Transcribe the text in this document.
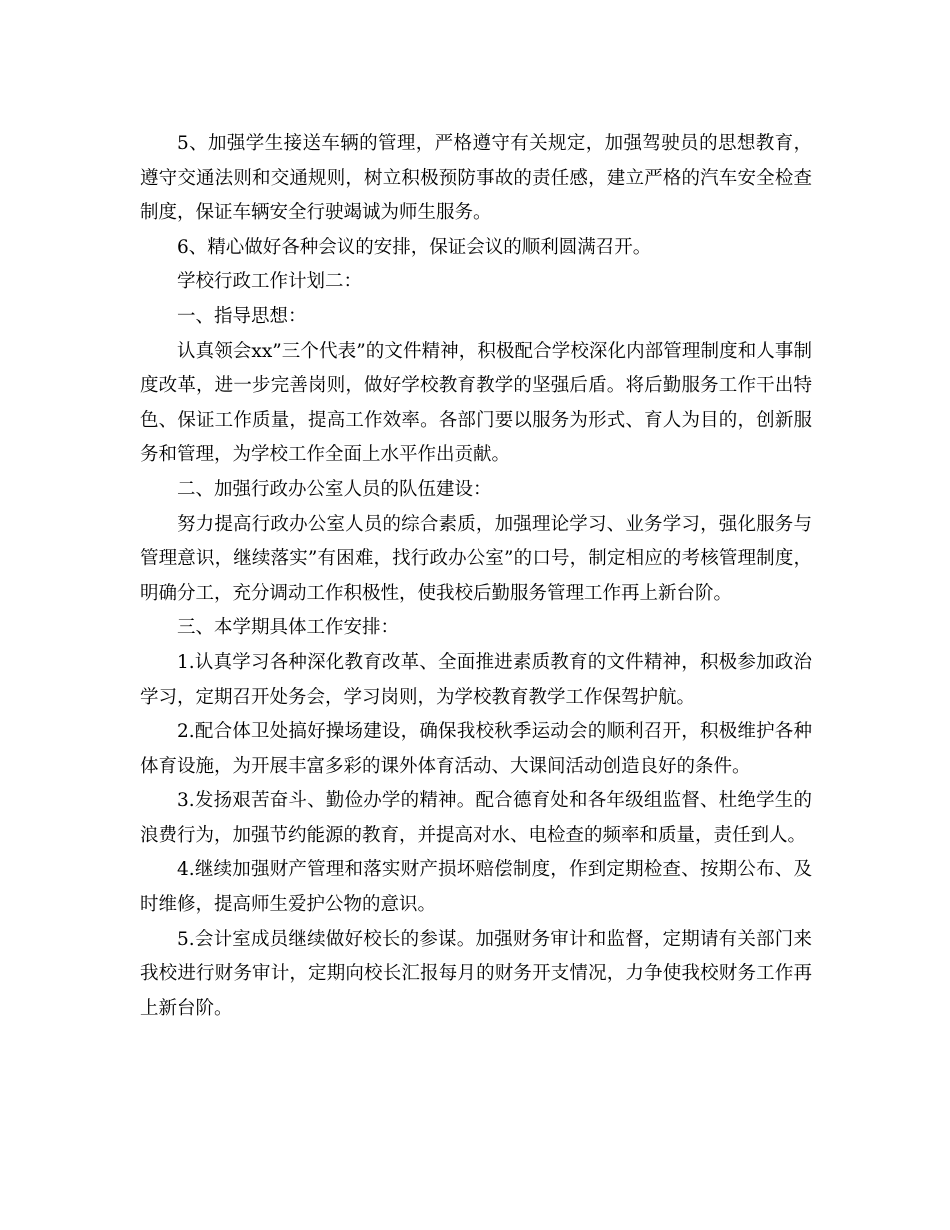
5、加强学生接送车辆的管理，严格遵守有关规定，加强驾驶员的思想教育，遵守交通法则和交通规则，树立积极预防事故的责任感，建立严格的汽车安全检查制度，保证车辆安全行驶竭诚为师生服务。

6、精心做好各种会议的安排，保证会议的顺利圆满召开。

学校行政工作计划二：

一、指导思想：

认真领会xx”三个代表”的文件精神，积极配合学校深化内部管理制度和人事制度改革，进一步完善岗则，做好学校教育教学的坚强后盾。将后勤服务工作干出特色、保证工作质量，提高工作效率。各部门要以服务为形式、育人为目的，创新服务和管理，为学校工作全面上水平作出贡献。

二、加强行政办公室人员的队伍建设：

努力提高行政办公室人员的综合素质，加强理论学习、业务学习，强化服务与管理意识，继续落实”有困难，找行政办公室”的口号，制定相应的考核管理制度，明确分工，充分调动工作积极性，使我校后勤服务管理工作再上新台阶。

三、本学期具体工作安排：

1.认真学习各种深化教育改革、全面推进素质教育的文件精神，积极参加政治学习，定期召开处务会，学习岗则，为学校教育教学工作保驾护航。

2.配合体卫处搞好操场建设，确保我校秋季运动会的顺利召开，积极维护各种体育设施，为开展丰富多彩的课外体育活动、大课间活动创造良好的条件。

3.发扬艰苦奋斗、勤俭办学的精神。配合德育处和各年级组监督、杜绝学生的浪费行为，加强节约能源的教育，并提高对水、电检查的频率和质量，责任到人。

4.继续加强财产管理和落实财产损坏赔偿制度，作到定期检查、按期公布、及时维修，提高师生爱护公物的意识。

5.会计室成员继续做好校长的参谋。加强财务审计和监督，定期请有关部门来我校进行财务审计，定期向校长汇报每月的财务开支情况，力争使我校财务工作再上新台阶。
